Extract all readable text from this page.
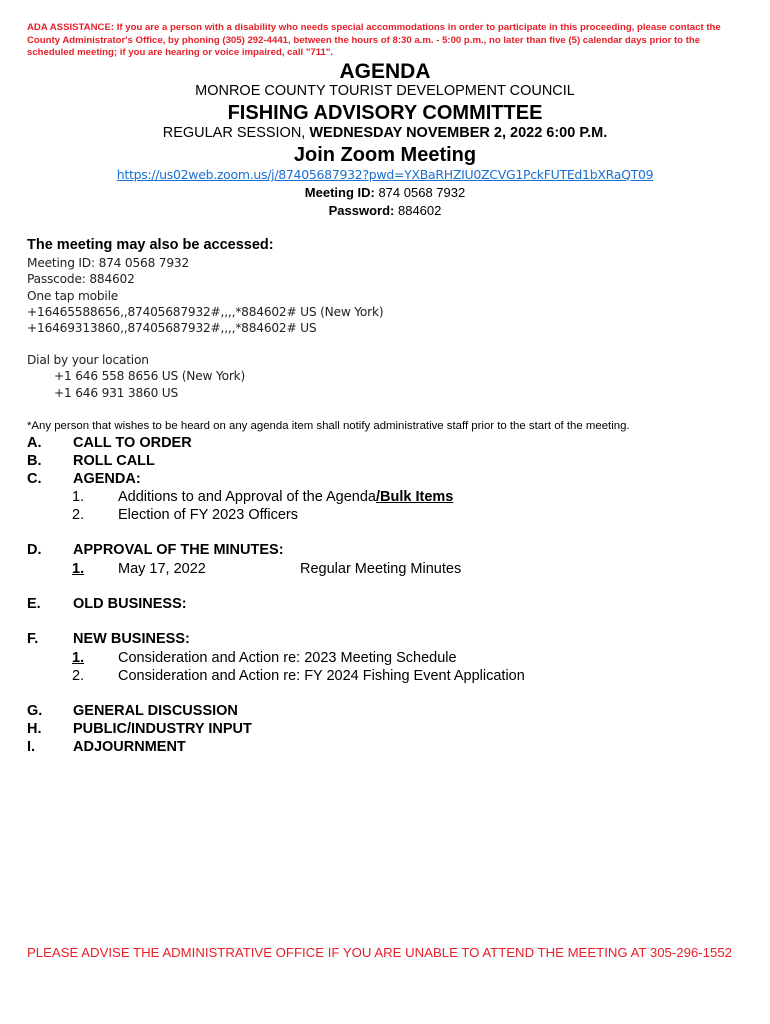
ADA ASSISTANCE: If you are a person with a disability who needs special accommodations in order to participate in this proceeding, please contact the County Administrator's Office, by phoning (305) 292-4441, between the hours of 8:30 a.m. - 5:00 p.m., no later than five (5) calendar days prior to the scheduled meeting; if you are hearing or voice impaired, call "711".
AGENDA
MONROE COUNTY TOURIST DEVELOPMENT COUNCIL
FISHING ADVISORY COMMITTEE
REGULAR SESSION, WEDNESDAY NOVEMBER 2, 2022 6:00 P.M.
Join Zoom Meeting
https://us02web.zoom.us/j/87405687932?pwd=YXBaRHZIU0ZCVG1PckFUTEd1bXRaQT09
Meeting ID: 874 0568 7932
Password: 884602
The meeting may also be accessed:
Meeting ID: 874 0568 7932
Passcode: 884602
One tap mobile
+16465588656,,87405687932#,,,,*884602# US (New York)
+16469313860,,87405687932#,,,,*884602# US
Dial by your location
+1 646 558 8656 US (New York)
+1 646 931 3860 US
*Any person that wishes to be heard on any agenda item shall notify administrative staff prior to the start of the meeting.
A. CALL TO ORDER
B. ROLL CALL
C. AGENDA:
1. Additions to and Approval of the Agenda/Bulk Items
2. Election of FY 2023 Officers
D. APPROVAL OF THE MINUTES:
1. May 17, 2022	Regular Meeting Minutes
E. OLD BUSINESS:
F. NEW BUSINESS:
1. Consideration and Action re: 2023 Meeting Schedule
2. Consideration and Action re: FY 2024 Fishing Event Application
G. GENERAL DISCUSSION
H. PUBLIC/INDUSTRY INPUT
I.	ADJOURNMENT
PLEASE ADVISE THE ADMINISTRATIVE OFFICE IF YOU ARE UNABLE TO ATTEND THE MEETING AT 305-296-1552
